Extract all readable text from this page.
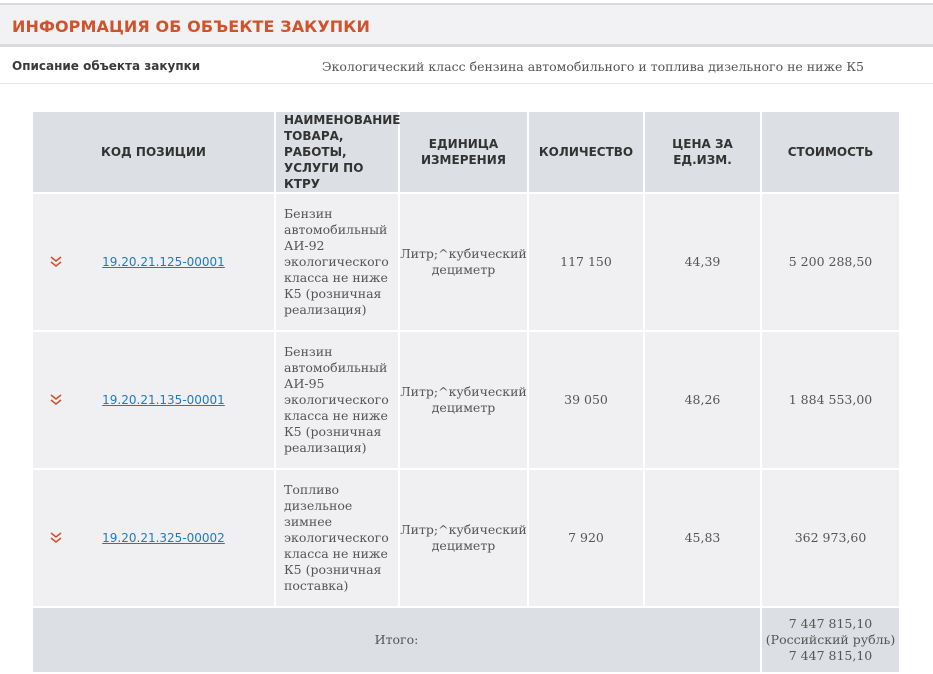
ИНФОРМАЦИЯ ОБ ОБЪЕКТЕ ЗАКУПКИ
Описание объекта закупки	Экологический класс бензина автомобильного и топлива дизельного не ниже К5
КОД ПОЗИЦИИ	НАИМЕНОВАНИЕ ТОВАРА, РАБОТЫ, УСЛУГИ ПО КТРУ	ЕДИНИЦА ИЗМЕРЕНИЯ	КОЛИЧЕСТВО	ЦЕНА ЗА ЕД.ИЗМ.	СТОИМОСТЬ

19.20.21.125-00001	Бензин автомобильный АИ-92 экологического класса не ниже К5 (розничная реализация)	Литр;^кубический дециметр	117 150	44,39	5 200 288,50

19.20.21.135-00001	Бензин автомобильный АИ-95 экологического класса не ниже К5 (розничная реализация)	Литр;^кубический дециметр	39 050	48,26	1 884 553,00

19.20.21.325-00002	Топливо дизельное зимнее экологического класса не ниже К5 (розничная поставка)	Литр;^кубический дециметр	7 920	45,83	362 973,60
Итого:					7 447 815,10
(Российский рубль)
7 447 815,10
